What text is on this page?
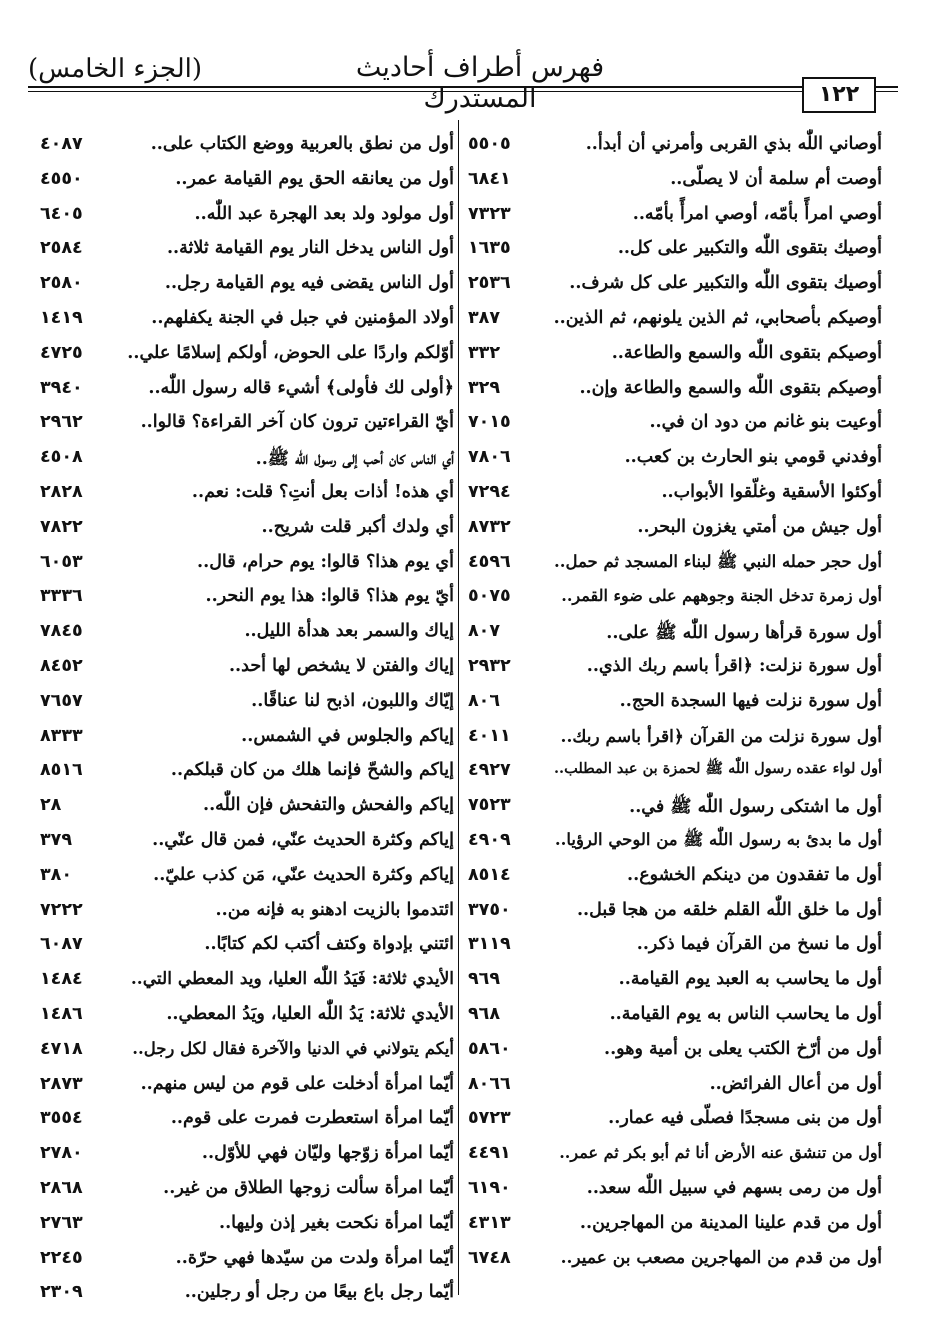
فهرس أطراف أحاديث المستدرك
(الجزء الخامس)
١٢٢
أوصاني اللّٰه بذي القربى وأمرني أن أبدأ..
٥٥٠٥
أوصت أم سلمة أن لا يصلّى..
٦٨٤١
أوصي امرأً بأمّه، أوصي امرأً بأمّه..
٧٣٢٣
أوصيك بتقوى اللّٰه والتكبير على كل..
١٦٣٥
أوصيك بتقوى اللّٰه والتكبير على كل شرف..
٢٥٣٦
أوصيكم بأصحابي، ثم الذين يلونهم، ثم الذين..
٣٨٧
أوصيكم بتقوى اللّٰه والسمع والطاعة..
٣٣٢
أوصيكم بتقوى اللّٰه والسمع والطاعة وإن..
٣٢٩
أوعيت بنو غانم من دود ان في..
٧٠١٥
أوفدني قومي بنو الحارث بن كعب..
٧٨٠٦
أوكئوا الأسقية وغلّقوا الأبواب..
٧٢٩٤
أول جيش من أمتي يغزون البحر..
٨٧٣٢
أول حجر حمله النبي ﷺ لبناء المسجد ثم حمل..
٤٥٩٦
أول زمرة تدخل الجنة وجوههم على ضوء القمر..
٥٠٧٥
أول سورة قرأها رسول اللّٰه ﷺ على..
٨٠٧
أول سورة نزلت: ﴿اقرأ باسم ربك الذي..
٢٩٣٢
أول سورة نزلت فيها السجدة الحج..
٨٠٦
أول سورة نزلت من القرآن ﴿اقرأ باسم ربك..
٤٠١١
أول لواء عقده رسول اللّٰه ﷺ لحمزة بن عبد المطلب..
٤٩٢٧
أول ما اشتكى رسول اللّٰه ﷺ في..
٧٥٢٣
أول ما بدئ به رسول اللّٰه ﷺ من الوحي الرؤيا..
٤٩٠٩
أول ما تفقدون من دينكم الخشوع..
٨٥١٤
أول ما خلق اللّٰه القلم خلقه من هجا قبل..
٣٧٥٠
أول ما نسخ من القرآن فيما ذكر..
٣١١٩
أول ما يحاسب به العبد يوم القيامة..
٩٦٩
أول ما يحاسب الناس به يوم القيامة..
٩٦٨
أول من أرّخ الكتب يعلى بن أمية وهو..
٥٨٦٠
أول من أعال الفرائض..
٨٠٦٦
أول من بنى مسجدًا فصلّى فيه عمار..
٥٧٢٣
أول من تنشق عنه الأرض أنا ثم أبو بكر ثم عمر..
٤٤٩١
أول من رمى بسهم في سبيل اللّٰه سعد..
٦١٩٠
أول من قدم علينا المدينة من المهاجرين..
٤٣١٣
أول من قدم من المهاجرين مصعب بن عمير..
٦٧٤٨
أول من نطق بالعربية ووضع الكتاب على..
٤٠٨٧
أول من يعانقه الحق يوم القيامة عمر..
٤٥٥٠
أول مولود ولد بعد الهجرة عبد اللّٰه..
٦٤٠٥
أول الناس يدخل النار يوم القيامة ثلاثة..
٢٥٨٤
أول الناس يقضى فيه يوم القيامة رجل..
٢٥٨٠
أولاد المؤمنين في جبل في الجنة يكفلهم..
١٤١٩
أوّلكم واردًا على الحوض، أولكم إسلامًا علي..
٤٧٢٥
﴿أولى لك فأولى﴾ أشيء قاله رسول اللّٰه..
٣٩٤٠
أيّ القراءتين ترون كان آخر القراءة؟ قالوا..
٢٩٦٢
أي الناس كان أحب إلى رسول اللّٰه ﷺ..
٤٥٠٨
أي هذه! أذات بعل أنتِ؟ قلت: نعم..
٢٨٢٨
أي ولدك أكبر قلت شريح..
٧٨٢٢
أي يوم هذا؟ قالوا: يوم حرام، قال..
٦٠٥٣
أيّ يوم هذا؟ قالوا: هذا يوم النحر..
٣٣٣٦
إياك والسمر بعد هدأة الليل..
٧٨٤٥
إياك والفتن لا يشخص لها أحد..
٨٤٥٢
إيّاك واللبون، اذبح لنا عناقًا..
٧٦٥٧
إياكم والجلوس في الشمس..
٨٣٣٣
إياكم والشحّ فإنما هلك من كان قبلكم..
٨٥١٦
إياكم والفحش والتفحش فإن اللّٰه..
٢٨
إياكم وكثرة الحديث عنّي، فمن قال عنّي..
٣٧٩
إياكم وكثرة الحديث عنّي، مَن كذب عليّ..
٣٨٠
ائتدموا بالزيت ادهنو به فإنه من..
٧٢٢٢
ائتني بإدواة وكتف أكتب لكم كتابًا..
٦٠٨٧
الأيدي ثلاثة: فَيَدُ اللّٰه العليا، ويد المعطي التي..
١٤٨٤
الأيدي ثلاثة: يَدُ اللّٰه العليا، ويَدُ المعطي..
١٤٨٦
أيكم يتولاني في الدنيا والآخرة فقال لكل رجل..
٤٧١٨
أيّما امرأة أدخلت على قوم من ليس منهم..
٢٨٧٣
أيّما امرأة استعطرت فمرت على قوم..
٣٥٥٤
أيّما امرأة زوّجها وليّان فهي للأوّل..
٢٧٨٠
أيّما امرأة سألت زوجها الطلاق من غير..
٢٨٦٨
أيّما امرأة نكحت بغير إذن وليها..
٢٧٦٣
أيّما امرأة ولدت من سيّدها فهي حرّة..
٢٢٤٥
أيّما رجل باع بيعًا من رجل أو رجلين..
٢٣٠٩
